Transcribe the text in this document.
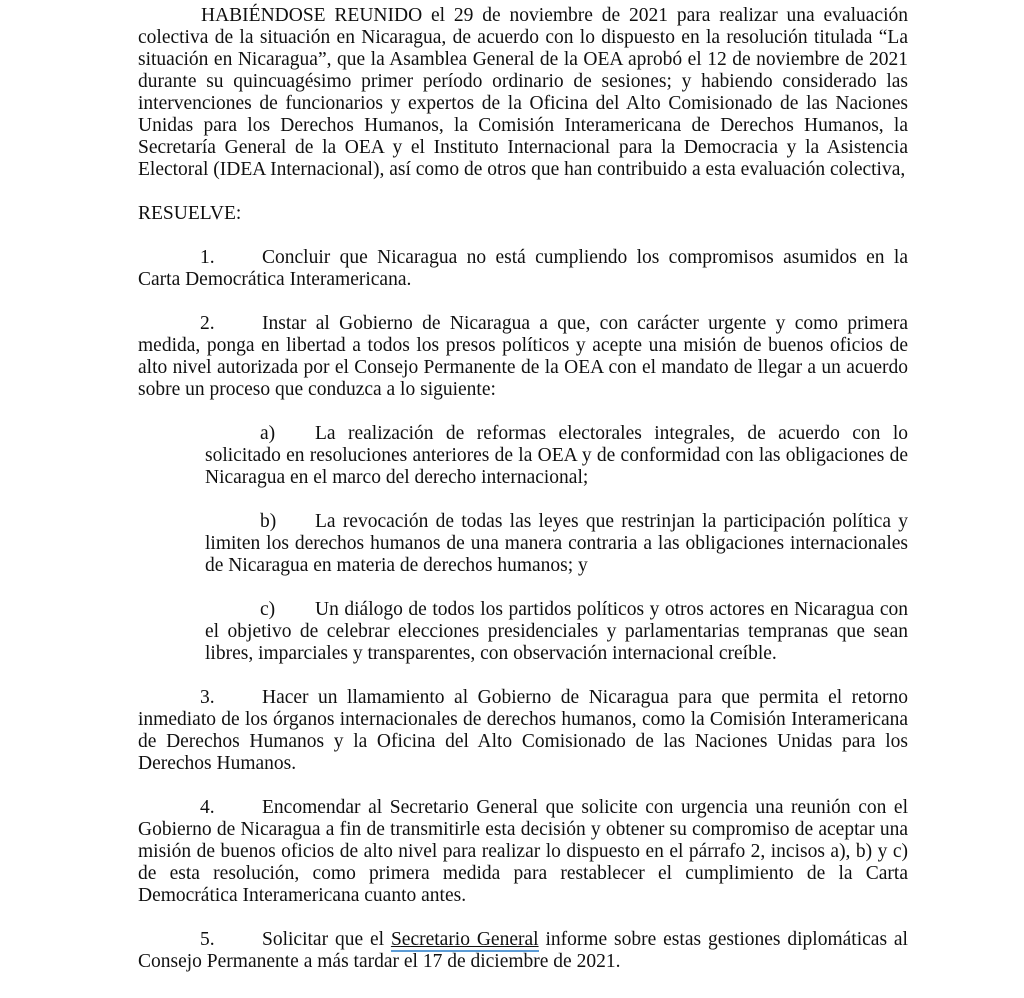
HABIÉNDOSE REUNIDO el 29 de noviembre de 2021 para realizar una evaluación colectiva de la situación en Nicaragua, de acuerdo con lo dispuesto en la resolución titulada “La situación en Nicaragua”, que la Asamblea General de la OEA aprobó el 12 de noviembre de 2021 durante su quincuagésimo primer período ordinario de sesiones; y habiendo considerado las intervenciones de funcionarios y expertos de la Oficina del Alto Comisionado de las Naciones Unidas para los Derechos Humanos, la Comisión Interamericana de Derechos Humanos, la Secretaría General de la OEA y el Instituto Internacional para la Democracia y la Asistencia Electoral (IDEA Internacional), así como de otros que han contribuido a esta evaluación colectiva,

RESUELVE:

1. Concluir que Nicaragua no está cumpliendo los compromisos asumidos en la Carta Democrática Interamericana.

2. Instar al Gobierno de Nicaragua a que, con carácter urgente y como primera medida, ponga en libertad a todos los presos políticos y acepte una misión de buenos oficios de alto nivel autorizada por el Consejo Permanente de la OEA con el mandato de llegar a un acuerdo sobre un proceso que conduzca a lo siguiente:

a) La realización de reformas electorales integrales, de acuerdo con lo solicitado en resoluciones anteriores de la OEA y de conformidad con las obligaciones de Nicaragua en el marco del derecho internacional;

b) La revocación de todas las leyes que restrinjan la participación política y limiten los derechos humanos de una manera contraria a las obligaciones internacionales de Nicaragua en materia de derechos humanos; y

c) Un diálogo de todos los partidos políticos y otros actores en Nicaragua con el objetivo de celebrar elecciones presidenciales y parlamentarias tempranas que sean libres, imparciales y transparentes, con observación internacional creíble.

3. Hacer un llamamiento al Gobierno de Nicaragua para que permita el retorno inmediato de los órganos internacionales de derechos humanos, como la Comisión Interamericana de Derechos Humanos y la Oficina del Alto Comisionado de las Naciones Unidas para los Derechos Humanos.

4. Encomendar al Secretario General que solicite con urgencia una reunión con el Gobierno de Nicaragua a fin de transmitirle esta decisión y obtener su compromiso de aceptar una misión de buenos oficios de alto nivel para realizar lo dispuesto en el párrafo 2, incisos a), b) y c) de esta resolución, como primera medida para restablecer el cumplimiento de la Carta Democrática Interamericana cuanto antes.

5. Solicitar que el Secretario General informe sobre estas gestiones diplomáticas al Consejo Permanente a más tardar el 17 de diciembre de 2021.
